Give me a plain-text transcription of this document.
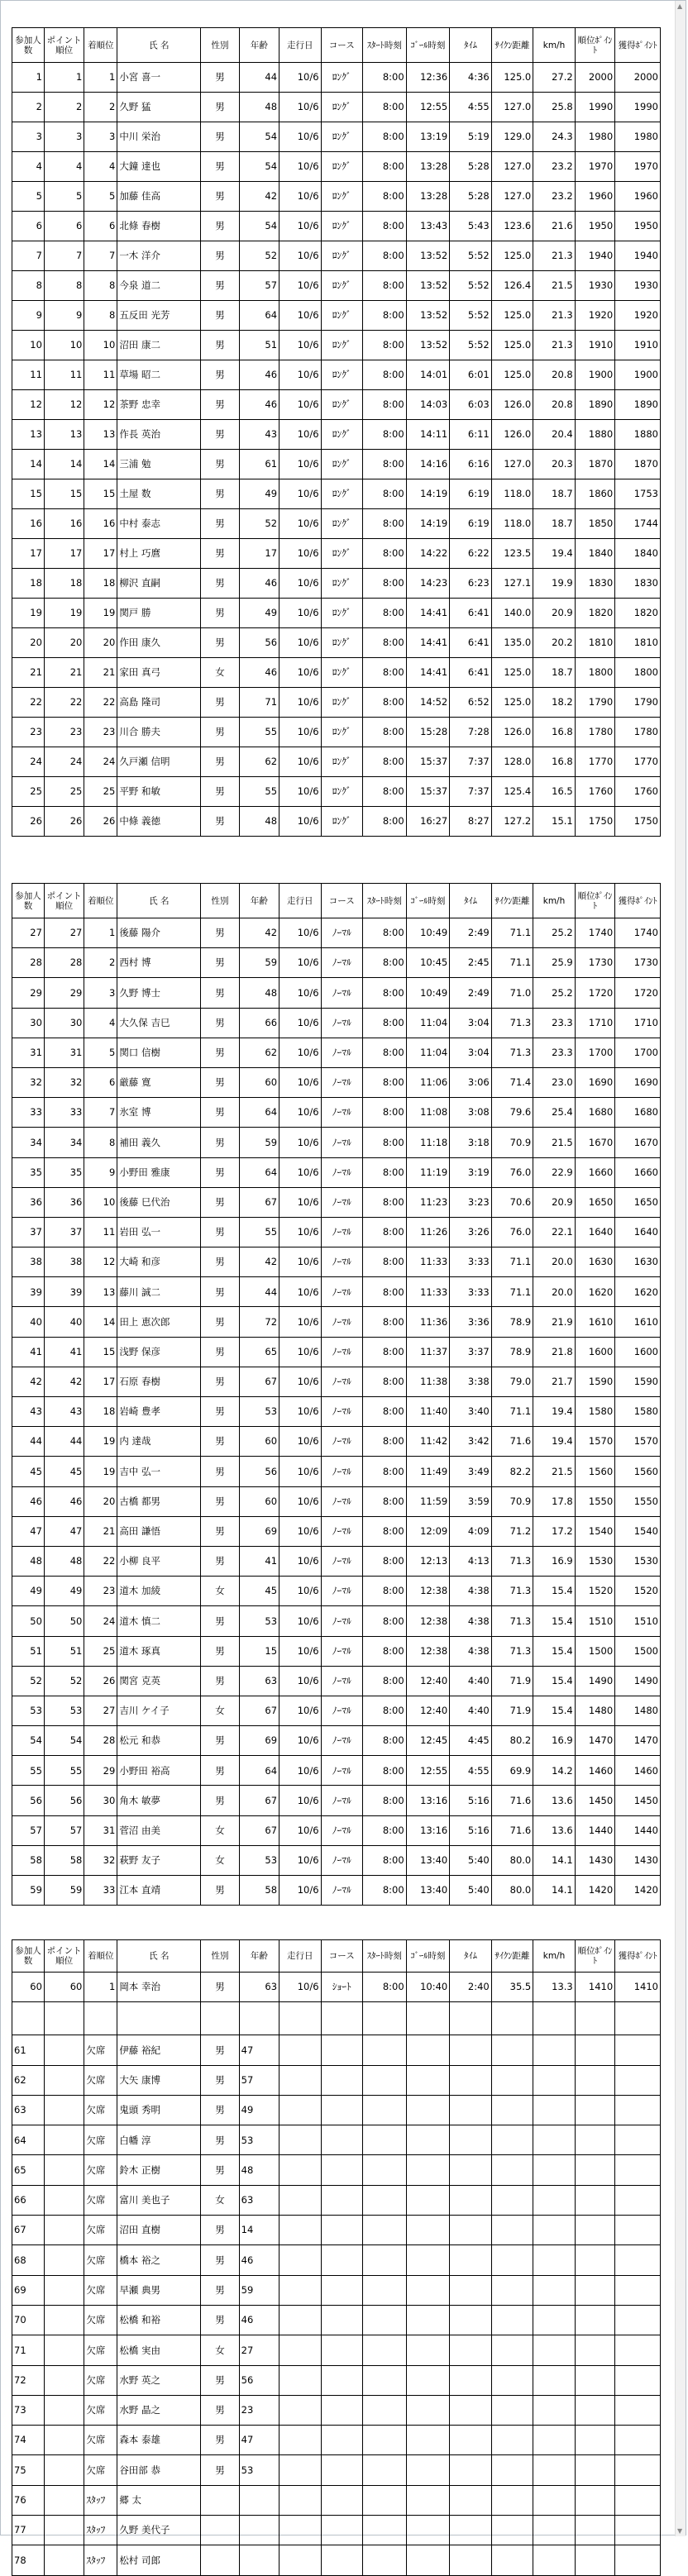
参加人数	ポイント順位	着順位	氏 名	性別	年齢	走行日	コース	ｽﾀｰﾄ時刻	ｺﾞｰﾙ時刻	ﾀｲﾑ	ｻｲｸﾝ距離	km/h	順位ﾎﾟｲﾝﾄ	獲得ﾎﾟｲﾝﾄ
1	1	1	小宮 喜一	男	44	10/6	ﾛﾝｸﾞ	8:00	12:36	4:36	125.0	27.2	2000	2000
2	2	2	久野 猛	男	48	10/6	ﾛﾝｸﾞ	8:00	12:55	4:55	127.0	25.8	1990	1990
3	3	3	中川 栄治	男	54	10/6	ﾛﾝｸﾞ	8:00	13:19	5:19	129.0	24.3	1980	1980
4	4	4	大鐘 達也	男	54	10/6	ﾛﾝｸﾞ	8:00	13:28	5:28	127.0	23.2	1970	1970
5	5	5	加藤 佳高	男	42	10/6	ﾛﾝｸﾞ	8:00	13:28	5:28	127.0	23.2	1960	1960
6	6	6	北條 春樹	男	54	10/6	ﾛﾝｸﾞ	8:00	13:43	5:43	123.6	21.6	1950	1950
7	7	7	一木 洋介	男	52	10/6	ﾛﾝｸﾞ	8:00	13:52	5:52	125.0	21.3	1940	1940
8	8	8	今泉 道二	男	57	10/6	ﾛﾝｸﾞ	8:00	13:52	5:52	126.4	21.5	1930	1930
9	9	8	五反田 光芳	男	64	10/6	ﾛﾝｸﾞ	8:00	13:52	5:52	125.0	21.3	1920	1920
10	10	10	沼田 康二	男	51	10/6	ﾛﾝｸﾞ	8:00	13:52	5:52	125.0	21.3	1910	1910
11	11	11	草場 昭二	男	46	10/6	ﾛﾝｸﾞ	8:00	14:01	6:01	125.0	20.8	1900	1900
12	12	12	茶野 忠幸	男	46	10/6	ﾛﾝｸﾞ	8:00	14:03	6:03	126.0	20.8	1890	1890
13	13	13	作長 英治	男	43	10/6	ﾛﾝｸﾞ	8:00	14:11	6:11	126.0	20.4	1880	1880
14	14	14	三浦 勉	男	61	10/6	ﾛﾝｸﾞ	8:00	14:16	6:16	127.0	20.3	1870	1870
15	15	15	土屋 数	男	49	10/6	ﾛﾝｸﾞ	8:00	14:19	6:19	118.0	18.7	1860	1753
16	16	16	中村 泰志	男	52	10/6	ﾛﾝｸﾞ	8:00	14:19	6:19	118.0	18.7	1850	1744
17	17	17	村上 巧麿	男	17	10/6	ﾛﾝｸﾞ	8:00	14:22	6:22	123.5	19.4	1840	1840
18	18	18	柳沢 直嗣	男	46	10/6	ﾛﾝｸﾞ	8:00	14:23	6:23	127.1	19.9	1830	1830
19	19	19	関戸 勝	男	49	10/6	ﾛﾝｸﾞ	8:00	14:41	6:41	140.0	20.9	1820	1820
20	20	20	作田 康久	男	56	10/6	ﾛﾝｸﾞ	8:00	14:41	6:41	135.0	20.2	1810	1810
21	21	21	家田 真弓	女	46	10/6	ﾛﾝｸﾞ	8:00	14:41	6:41	125.0	18.7	1800	1800
22	22	22	高島 隆司	男	71	10/6	ﾛﾝｸﾞ	8:00	14:52	6:52	125.0	18.2	1790	1790
23	23	23	川合 勝夫	男	55	10/6	ﾛﾝｸﾞ	8:00	15:28	7:28	126.0	16.8	1780	1780
24	24	24	久戸瀬 信明	男	62	10/6	ﾛﾝｸﾞ	8:00	15:37	7:37	128.0	16.8	1770	1770
25	25	25	平野 和敏	男	55	10/6	ﾛﾝｸﾞ	8:00	15:37	7:37	125.4	16.5	1760	1760
26	26	26	中條 義徳	男	48	10/6	ﾛﾝｸﾞ	8:00	16:27	8:27	127.2	15.1	1750	1750
参加人数	ポイント順位	着順位	氏 名	性別	年齢	走行日	コース	ｽﾀｰﾄ時刻	ｺﾞｰﾙ時刻	ﾀｲﾑ	ｻｲｸﾝ距離	km/h	順位ﾎﾟｲﾝﾄ	獲得ﾎﾟｲﾝﾄ
27	27	1	後藤 陽介	男	42	10/6	ﾉｰﾏﾙ	8:00	10:49	2:49	71.1	25.2	1740	1740
28	28	2	西村 博	男	59	10/6	ﾉｰﾏﾙ	8:00	10:45	2:45	71.1	25.9	1730	1730
29	29	3	久野 博士	男	48	10/6	ﾉｰﾏﾙ	8:00	10:49	2:49	71.0	25.2	1720	1720
30	30	4	大久保 吉巳	男	66	10/6	ﾉｰﾏﾙ	8:00	11:04	3:04	71.3	23.3	1710	1710
31	31	5	関口 信樹	男	62	10/6	ﾉｰﾏﾙ	8:00	11:04	3:04	71.3	23.3	1700	1700
32	32	6	厳藤 寛	男	60	10/6	ﾉｰﾏﾙ	8:00	11:06	3:06	71.4	23.0	1690	1690
33	33	7	氷室 博	男	64	10/6	ﾉｰﾏﾙ	8:00	11:08	3:08	79.6	25.4	1680	1680
34	34	8	補田 義久	男	59	10/6	ﾉｰﾏﾙ	8:00	11:18	3:18	70.9	21.5	1670	1670
35	35	9	小野田 雅康	男	64	10/6	ﾉｰﾏﾙ	8:00	11:19	3:19	76.0	22.9	1660	1660
36	36	10	後藤 巳代治	男	67	10/6	ﾉｰﾏﾙ	8:00	11:23	3:23	70.6	20.9	1650	1650
37	37	11	岩田 弘一	男	55	10/6	ﾉｰﾏﾙ	8:00	11:26	3:26	76.0	22.1	1640	1640
38	38	12	大崎 和彦	男	42	10/6	ﾉｰﾏﾙ	8:00	11:33	3:33	71.1	20.0	1630	1630
39	39	13	藤川 誠二	男	44	10/6	ﾉｰﾏﾙ	8:00	11:33	3:33	71.1	20.0	1620	1620
40	40	14	田上 恵次郎	男	72	10/6	ﾉｰﾏﾙ	8:00	11:36	3:36	78.9	21.9	1610	1610
41	41	15	浅野 保彦	男	65	10/6	ﾉｰﾏﾙ	8:00	11:37	3:37	78.9	21.8	1600	1600
42	42	17	石原 春樹	男	67	10/6	ﾉｰﾏﾙ	8:00	11:38	3:38	79.0	21.7	1590	1590
43	43	18	岩崎 豊孝	男	53	10/6	ﾉｰﾏﾙ	8:00	11:40	3:40	71.1	19.4	1580	1580
44	44	19	内 達哉	男	60	10/6	ﾉｰﾏﾙ	8:00	11:42	3:42	71.6	19.4	1570	1570
45	45	19	吉中 弘一	男	56	10/6	ﾉｰﾏﾙ	8:00	11:49	3:49	82.2	21.5	1560	1560
46	46	20	古橋 都男	男	60	10/6	ﾉｰﾏﾙ	8:00	11:59	3:59	70.9	17.8	1550	1550
47	47	21	高田 謙悟	男	69	10/6	ﾉｰﾏﾙ	8:00	12:09	4:09	71.2	17.2	1540	1540
48	48	22	小柳 良平	男	41	10/6	ﾉｰﾏﾙ	8:00	12:13	4:13	71.3	16.9	1530	1530
49	49	23	道木 加綾	女	45	10/6	ﾉｰﾏﾙ	8:00	12:38	4:38	71.3	15.4	1520	1520
50	50	24	道木 慎二	男	53	10/6	ﾉｰﾏﾙ	8:00	12:38	4:38	71.3	15.4	1510	1510
51	51	25	道木 琢真	男	15	10/6	ﾉｰﾏﾙ	8:00	12:38	4:38	71.3	15.4	1500	1500
52	52	26	関宮 克英	男	63	10/6	ﾉｰﾏﾙ	8:00	12:40	4:40	71.9	15.4	1490	1490
53	53	27	吉川 ケイ子	女	67	10/6	ﾉｰﾏﾙ	8:00	12:40	4:40	71.9	15.4	1480	1480
54	54	28	松元 和恭	男	69	10/6	ﾉｰﾏﾙ	8:00	12:45	4:45	80.2	16.9	1470	1470
55	55	29	小野田 裕高	男	64	10/6	ﾉｰﾏﾙ	8:00	12:55	4:55	69.9	14.2	1460	1460
56	56	30	角木 敏夢	男	67	10/6	ﾉｰﾏﾙ	8:00	13:16	5:16	71.6	13.6	1450	1450
57	57	31	菅沼 由美	女	67	10/6	ﾉｰﾏﾙ	8:00	13:16	5:16	71.6	13.6	1440	1440
58	58	32	萩野 友子	女	53	10/6	ﾉｰﾏﾙ	8:00	13:40	5:40	80.0	14.1	1430	1430
59	59	33	江本 直靖	男	58	10/6	ﾉｰﾏﾙ	8:00	13:40	5:40	80.0	14.1	1420	1420
参加人数	ポイント順位	着順位	氏 名	性別	年齢	走行日	コース	ｽﾀｰﾄ時刻	ｺﾞｰﾙ時刻	ﾀｲﾑ	ｻｲｸﾝ距離	km/h	順位ﾎﾟｲﾝﾄ	獲得ﾎﾟｲﾝﾄ
60	60	1	岡本 幸治	男	63	10/6	ｼｮｰﾄ	8:00	10:40	2:40	35.5	13.3	1410	1410

61		欠席	伊藤 裕紀	男	47									
62		欠席	大矢 康博	男	57									
63		欠席	鬼頭 秀明	男	49									
64		欠席	白幡 淳	男	53									
65		欠席	鈴木 正樹	男	48									
66		欠席	富川 美也子	女	63									
67		欠席	沼田 直樹	男	14									
68		欠席	橋本 裕之	男	46									
69		欠席	早瀬 典男	男	59									
70		欠席	松橋 和裕	男	46									
71		欠席	松橋 実由	女	27									
72		欠席	水野 英之	男	56									
73		欠席	水野 晶之	男	23									
74		欠席	森本 泰雄	男	47									
75		欠席	谷田部 恭	男	53									
76		ｽﾀｯﾌ	郷 太											
77		ｽﾀｯﾌ	久野 美代子											
78		ｽﾀｯﾌ	松村 司郎											
▲
▼
